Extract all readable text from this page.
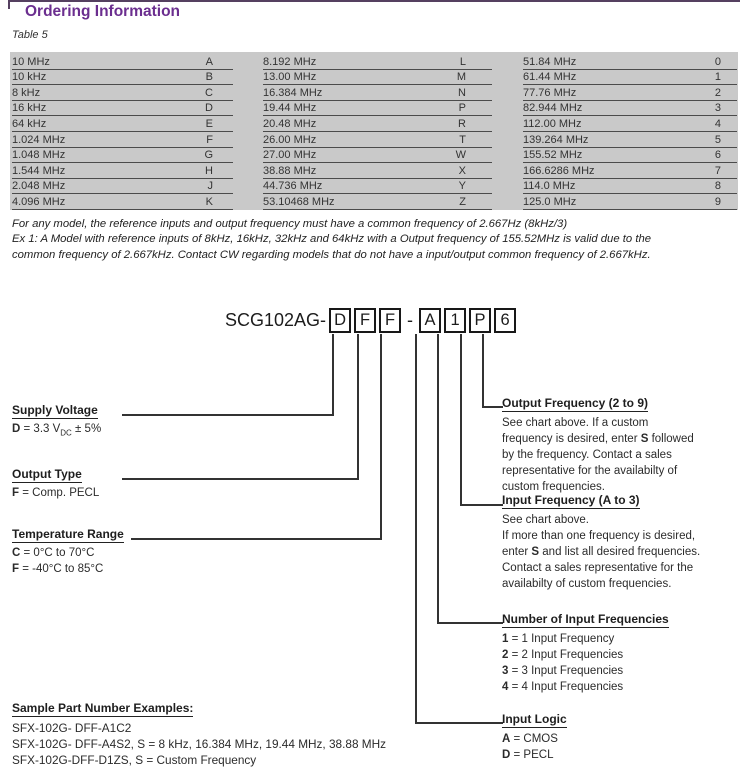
Ordering Information
Table 5
10 MHz	A
10 kHz	B
8 kHz	C
16 kHz	D
64 kHz	E
1.024 MHz	F
1.048 MHz	G
1.544 MHz	H
2.048 MHz	J
4.096 MHz	K
8.192 MHz	L
13.00 MHz	M
16.384 MHz	N
19.44 MHz	P
20.48 MHz	R
26.00 MHz	T
27.00 MHz	W
38.88 MHz	X
44.736 MHz	Y
53.10468 MHz	Z
51.84 MHz	0
61.44 MHz	1
77.76 MHz	2
82.944 MHz	3
112.00 MHz	4
139.264 MHz	5
155.52 MHz	6
166.6286 MHz	7
114.0 MHz	8
125.0 MHz	9
For any model, the reference inputs and output frequency must have a common frequency of 2.667Hz (8kHz/3)
Ex 1: A Model with reference inputs of 8kHz, 16kHz, 32kHz and 64kHz with a Output frequency of 155.52MHz is valid due to the
common frequency of 2.667kHz. Contact CW regarding models that do not have a input/output common frequency of 2.667kHz.
SCG102AG- D F F - A 1 P 6
Supply Voltage
D = 3.3 $V_{DC} \pm 5\%$
Output Type
F = Comp. PECL
Temperature Range
C = 0°C to 70°C
F = -40°C to 85°C
Output Frequency (2 to 9)
See chart above. If a custom
frequency is desired, enter S followed
by the frequency. Contact a sales
representative for the availabilty of
custom frequencies.
Input Frequency (A to 3)
See chart above.
If more than one frequency is desired,
enter S and list all desired frequencies.
Contact a sales representative for the
availabilty of custom frequencies.
Number of Input Frequencies
1 = 1 Input Frequency
2 = 2 Input Frequencies
3 = 3 Input Frequencies
4 = 4 Input Frequencies
Input Logic
A = CMOS
D = PECL
Sample Part Number Examples:
SFX-102G- DFF-A1C2
SFX-102G- DFF-A4S2, S = 8 kHz, 16.384 MHz, 19.44 MHz, 38.88 MHz
SFX-102G-DFF-D1ZS, S = Custom Frequency
